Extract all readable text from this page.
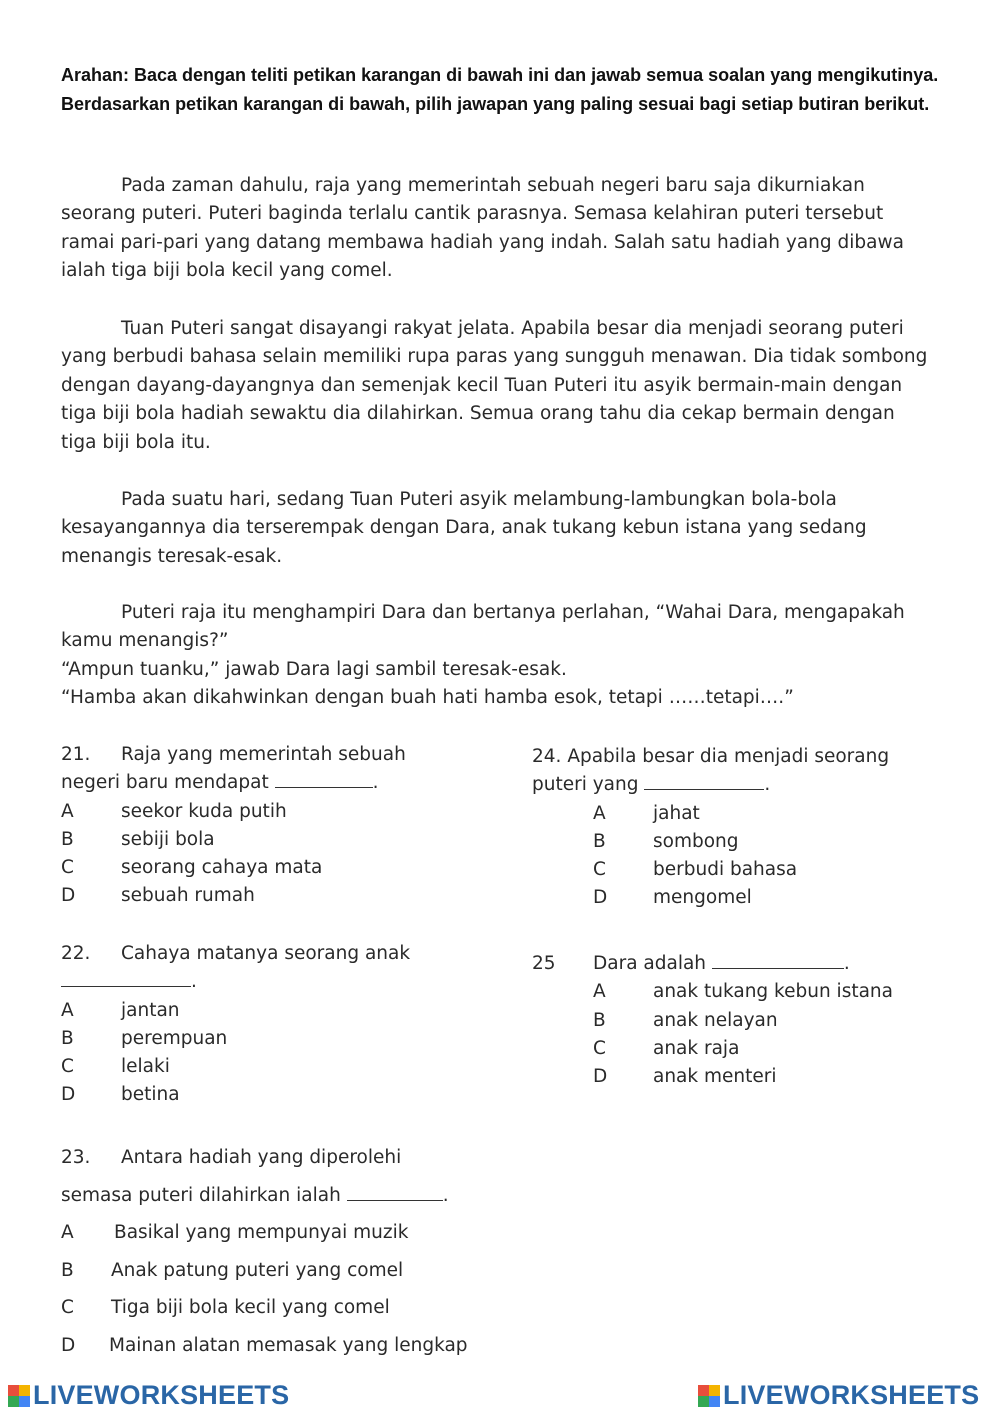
Arahan: Baca dengan teliti petikan karangan di bawah ini dan jawab semua soalan yang mengikutinya. Berdasarkan petikan karangan di bawah, pilih jawapan yang paling sesuai bagi setiap butiran berikut.

Pada zaman dahulu, raja yang memerintah sebuah negeri baru saja dikurniakan seorang puteri. Puteri baginda terlalu cantik parasnya. Semasa kelahiran puteri tersebut ramai pari-pari yang datang membawa hadiah yang indah. Salah satu hadiah yang dibawa ialah tiga biji bola kecil yang comel.

Tuan Puteri sangat disayangi rakyat jelata. Apabila besar dia menjadi seorang puteri yang berbudi bahasa selain memiliki rupa paras yang sungguh menawan. Dia tidak sombong dengan dayang-dayangnya dan semenjak kecil Tuan Puteri itu asyik bermain-main dengan tiga biji bola hadiah sewaktu dia dilahirkan. Semua orang tahu dia cekap bermain dengan tiga biji bola itu.

Pada suatu hari, sedang Tuan Puteri asyik melambung-lambungkan bola-bola kesayangannya dia terserempak dengan Dara, anak tukang kebun istana yang sedang menangis teresak-esak.

Puteri raja itu menghampiri Dara dan bertanya perlahan, “Wahai Dara, mengapakah kamu menangis?”

“Ampun tuanku,” jawab Dara lagi sambil teresak-esak.

“Hamba akan dikahwinkan dengan buah hati hamba esok, tetapi ……tetapi….”

21. Raja yang memerintah sebuah

negeri baru mendapat	.

A	seekor kuda putih

B	sebiji bola

C	seorang cahaya mata

D	sebuah rumah

22. Cahaya matanya seorang anak

.

A	jantan

B	perempuan

C	lelaki

D	betina

23. Antara hadiah yang diperolehi

semasa puteri dilahirkan ialah	.

A	Basikal yang mempunyai muzik

B	Anak patung puteri yang comel

C	Tiga biji bola kecil yang comel

D	Mainan alatan memasak yang lengkap

24. Apabila besar dia menjadi seorang

puteri yang	.

A	jahat

B	sombong

C	berbudi bahasa

D	mengomel

25 Dara adalah	.

A	anak tukang kebun istana

B	anak nelayan

C	anak raja

D	anak menteri

LIVEWORKSHEETS	LIVEWORKSHEETS
